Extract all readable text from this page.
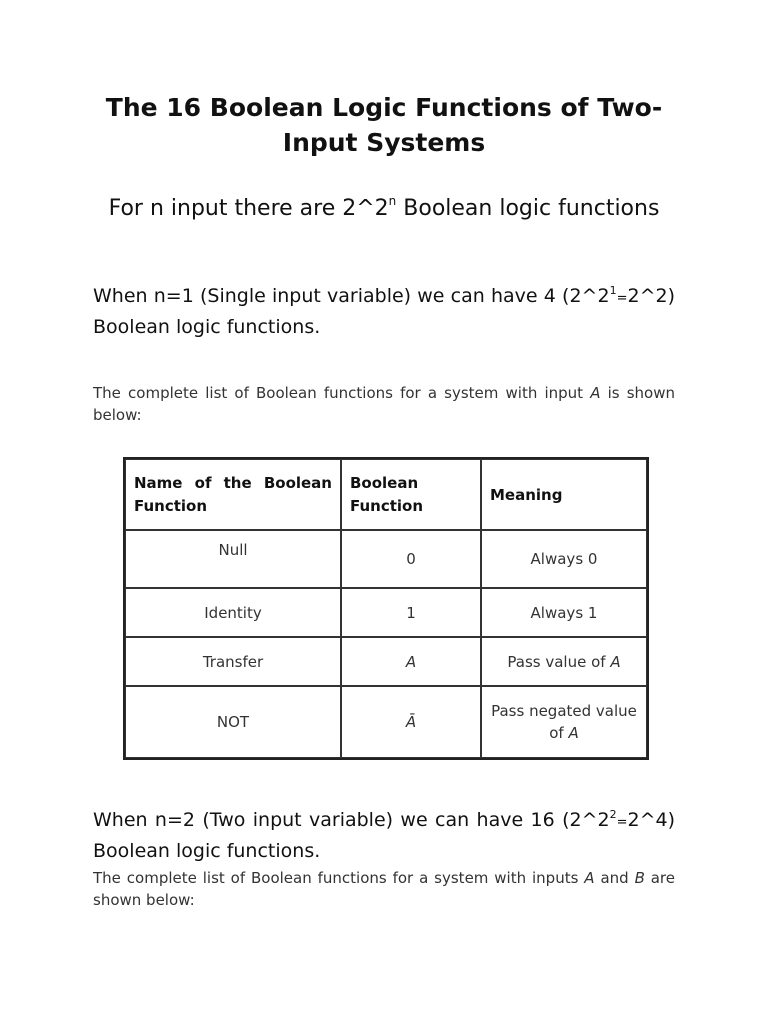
The 16 Boolean Logic Functions of Two-Input Systems

For n input there are 2^2$^n$ Boolean logic functions

When n=1 (Single input variable) we can have 4 $(2\^{}2^1=2\^{}2)$ Boolean logic functions.

The complete list of Boolean functions for a system with input A is shown below:

Name of the Boolean Function	Boolean Function	Meaning
Null	0	Always 0
Identity	1	Always 1
Transfer	A	Pass value of A
NOT	Ā	Pass negated value of A

When n=2 (Two input variable) we can have 16 $(2\^{}2^2=2\^{}4)$ Boolean logic functions.

The complete list of Boolean functions for a system with inputs A and B are shown below:
